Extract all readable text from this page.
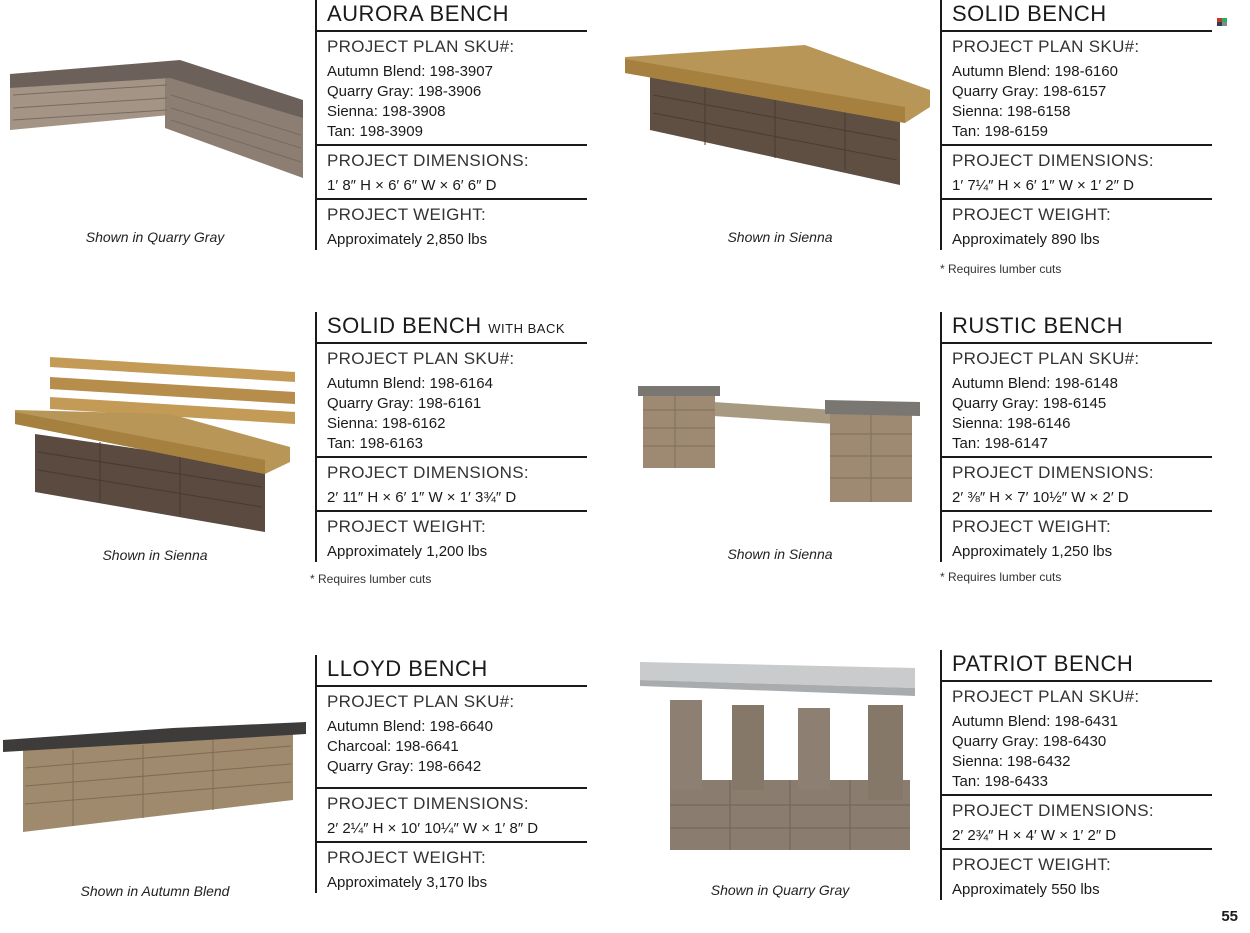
Shown in Quarry Gray
AURORA BENCH
PROJECT PLAN SKU#:
Autumn Blend: 198-3907
Quarry Gray: 198-3906
Sienna: 198-3908
Tan: 198-3909
PROJECT DIMENSIONS:
1′ 8″ H × 6′ 6″ W × 6′ 6″ D
PROJECT WEIGHT:
Approximately 2,850 lbs	Shown in Sienna
SOLID BENCH
PROJECT PLAN SKU#:
Autumn Blend: 198-6160
Quarry Gray: 198-6157
Sienna: 198-6158
Tan: 198-6159
PROJECT DIMENSIONS:
1′ 7¼″ H × 6′ 1″ W × 1′ 2″ D
PROJECT WEIGHT:
Approximately 890 lbs
* Requires lumber cuts
Shown in Sienna
SOLID BENCH WITH BACK
PROJECT PLAN SKU#:
Autumn Blend: 198-6164
Quarry Gray: 198-6161
Sienna: 198-6162
Tan: 198-6163
PROJECT DIMENSIONS:
2′ 11″ H × 6′ 1″ W × 1′ 3¾″ D
PROJECT WEIGHT:
Approximately 1,200 lbs
* Requires lumber cuts
Shown in Sienna
RUSTIC BENCH
PROJECT PLAN SKU#:
Autumn Blend: 198-6148
Quarry Gray: 198-6145
Sienna: 198-6146
Tan: 198-6147
PROJECT DIMENSIONS:
2′ ⅜″ H × 7′ 10½″ W × 2′ D
PROJECT WEIGHT:
Approximately 1,250 lbs
* Requires lumber cuts
Shown in Autumn Blend
LLOYD BENCH
PROJECT PLAN SKU#:
Autumn Blend: 198-6640
Charcoal: 198-6641
Quarry Gray: 198-6642
PROJECT DIMENSIONS:
2′ 2¼″ H × 10′ 10¼″ W × 1′ 8″ D
PROJECT WEIGHT:
Approximately 3,170 lbs	Shown in Quarry Gray
PATRIOT BENCH
PROJECT PLAN SKU#:
Autumn Blend: 198-6431
Quarry Gray: 198-6430
Sienna: 198-6432
Tan: 198-6433
PROJECT DIMENSIONS:
2′ 2¾″ H × 4′ W × 1′ 2″ D
PROJECT WEIGHT:
Approximately 550 lbs
55
